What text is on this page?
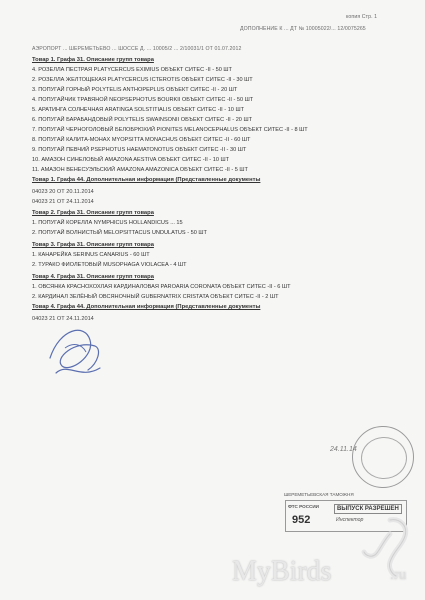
копия Стр. 1
ДОПОЛНЕНИЕ К ... ДТ № 10005022/... 12/0075265
АЭРОПОРТ ... ШЕРЕМЕТЬЕВО ... ШОССЕ Д. ... 10005/2 ... 2/10031/1 ОТ 01.07.2012
Товар 1. Графа 31. Описание групп товара
4. РОЗЕЛЛА ПЕСТРАЯ PLATYCERCUS EXIMIUS ОБЪЕКТ СИТЕС -II - 50 ШТ
2. РОЗЕЛЛА ЖЕЛТОЩЕКАЯ PLATYCERCUS ICTEROTIS ОБЪЕКТ СИТЕС -II - 30 ШТ
3. ПОПУГАЙ ГОРНЫЙ POLYTELIS ANTHOPEPLUS ОБЪЕКТ СИТЕС -II - 20 ШТ
4. ПОПУГАЙЧИК ТРАВЯНОЙ NEOPSEPHOTUS BOURKII ОБЪЕКТ СИТЕС -II - 50 ШТ
5. АРАТИНГА СОЛНЕЧНАЯ ARATINGA SOLSTITIALIS ОБЪЕКТ СИТЕС -II - 10 ШТ
6. ПОПУГАЙ БАРАБАНДОВЫЙ POLYTELIS SWAINSONII ОБЪЕКТ СИТЕС -II - 20 ШТ
7. ПОПУГАЙ ЧЕРНОГОЛОВЫЙ БЕЛОБРЮХИЙ PIONITES MELANOCEPHALUS ОБЪЕКТ СИТЕС -II - 8 ШТ
8. ПОПУГАЙ КАЛИТА-МОНАХ MYOPSITTA MONACHUS ОБЪЕКТ СИТЕС -II - 60 ШТ
9. ПОПУГАЙ ПЕВЧИЙ PSEPHOTUS HAEMATONOTUS ОБЪЕКТ СИТЕС -II - 30 ШТ
10. АМАЗОН СИНЕЛОБЫЙ AMAZONA AESTIVA ОБЪЕКТ СИТЕС -II - 10 ШТ
11. АМАЗОН ВЕНЕСУЭЛЬСКИЙ AMAZONA AMAZONICA ОБЪЕКТ СИТЕС -II - 5 ШТ
Товар 1. Графа 44. Дополнительная информация (Представленные документы
04023 20 ОТ 20.11.2014
04023 21 ОТ 24.11.2014
Товар 2. Графа 31. Описание групп товара
1. ПОПУГАЙ КОРЕЛЛА NYMPHICUS HOLLANDICUS ... 15
2. ПОПУГАЙ ВОЛНИСТЫЙ MELOPSITTACUS UNDULATUS - 50 ШТ
Товар 3. Графа 31. Описание групп товара
1. КАНАРЕЙКА SERINUS CANARIUS - 60 ШТ
2. ТУРАКО ФИОЛЕТОВЫЙ MUSOPHAGA VIOLACEA - 4 ШТ
Товар 4. Графа 31. Описание групп товара
1. ОВСЯНКА КРАСНОХОХЛАЯ КАРДИНАЛОВАЯ PAROARIA CORONATA ОБЪЕКТ СИТЕС -II - 6 ШТ
2. КАРДИНАЛ ЗЕЛЁНЫЙ ОВСЯНОЧНЫЙ GUBERNATRIX CRISTATA ОБЪЕКТ СИТЕС -II - 2 ШТ
Товар 4. Графа 44. Дополнительная информация (Представленные документы
04023 21 ОТ 24.11.2014
ШЕРЕМЕТЬЕВСКАЯ ТАМОЖНЯ
ФТС РОССИИ
952
ВЫПУСК РАЗРЕШЕН
Инспектор
24.11.14
MyBirds	.ru
